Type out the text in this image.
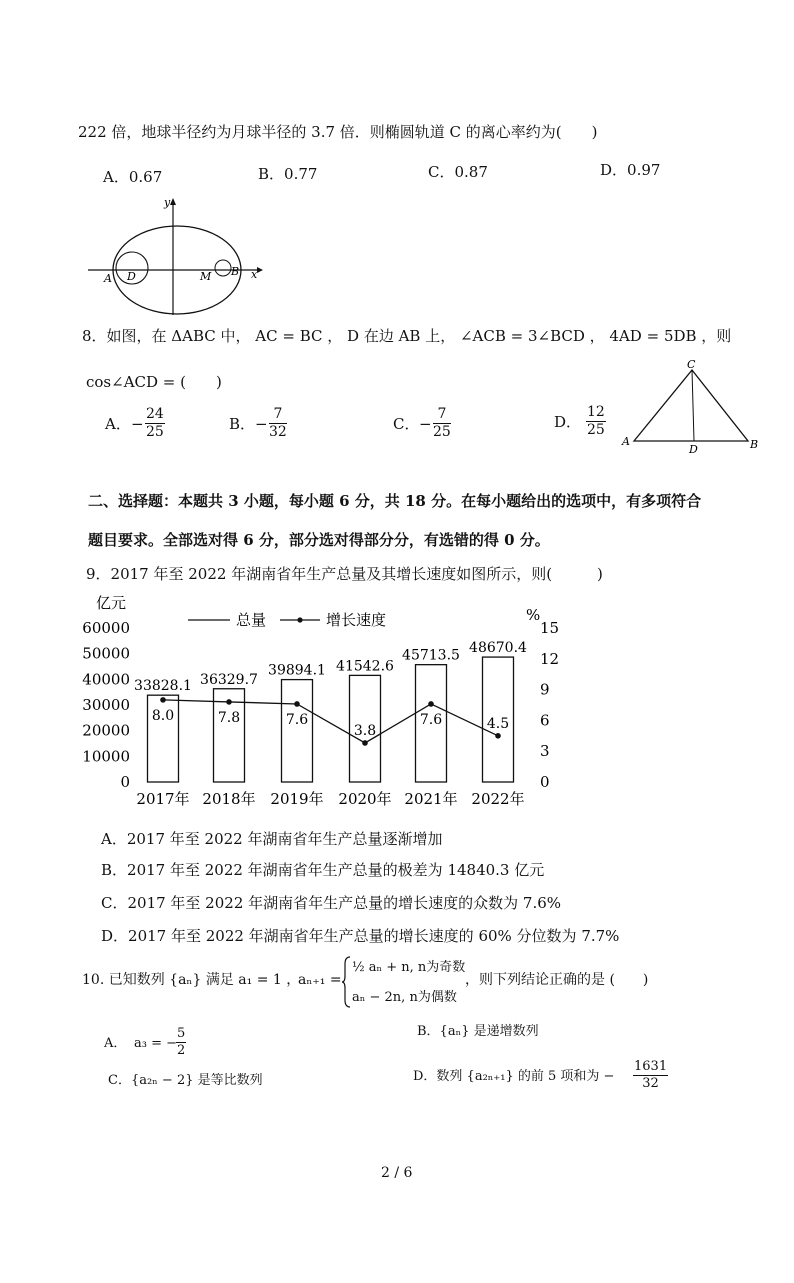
222 倍，地球半径约为月球半径的 3.7 倍．则椭圆轨道 C 的离心率约为(　　)
A．0.67	B．0.77	C．0.87	D．0.97
y
x
A D	M B
8．如图，在 ΔABC 中， AC = BC ， D 在边 AB 上， ∠ACB = 3∠BCD ， 4AD = 5DB ，则
cos∠ACD = (　　)
A． − $\frac{24}{25}$	B． − $\frac{7}{32}$	C． − $\frac{7}{25}$	D． $\frac{12}{25}$
C
A
D	B
二、选择题：本题共 3 小题，每小题 6 分，共 18 分。在每小题给出的选项中，有多项符合
题目要求。全部选对得 6 分，部分选对得部分分，有选错的得 0 分。
9．2017 年至 2022 年湖南省年生产总量及其增长速度如图所示，则(　　　)
亿元
60000
50000
40000
30000
20000
10000
0
%
15
12
9
6
3
0
总量	增长速度
33828.1 36329.7
39894.1 41542.6
45713.5 48670.4
8.0	7.8	7.6
3.8
7.6	4.5
2017年 2018年 2019年 2020年 2021年 2022年
A．2017 年至 2022 年湖南省年生产总量逐渐增加
B．2017 年至 2022 年湖南省年生产总量的极差为 14840.3 亿元
C．2017 年至 2022 年湖南省年生产总量的增长速度的众数为 7.6%
D．2017 年至 2022 年湖南省年生产总量的增长速度的 60% 分位数为 7.7%
10. 已知数列 {aₙ} 满足 a₁ = 1 ，
aₙ₊₁ =
½ aₙ + n, n为奇数
aₙ − 2n, n为偶数
，则下列结论正确的是 (　　)
A． a₃ = −
$\frac{5}{2}$	B．{aₙ} 是递增数列
C．{a₂ₙ − 2} 是等比数列	D．数列 {a₂ₙ₊₁} 的前 5 项和为 − $\frac{1631}{32}$
2 / 6
